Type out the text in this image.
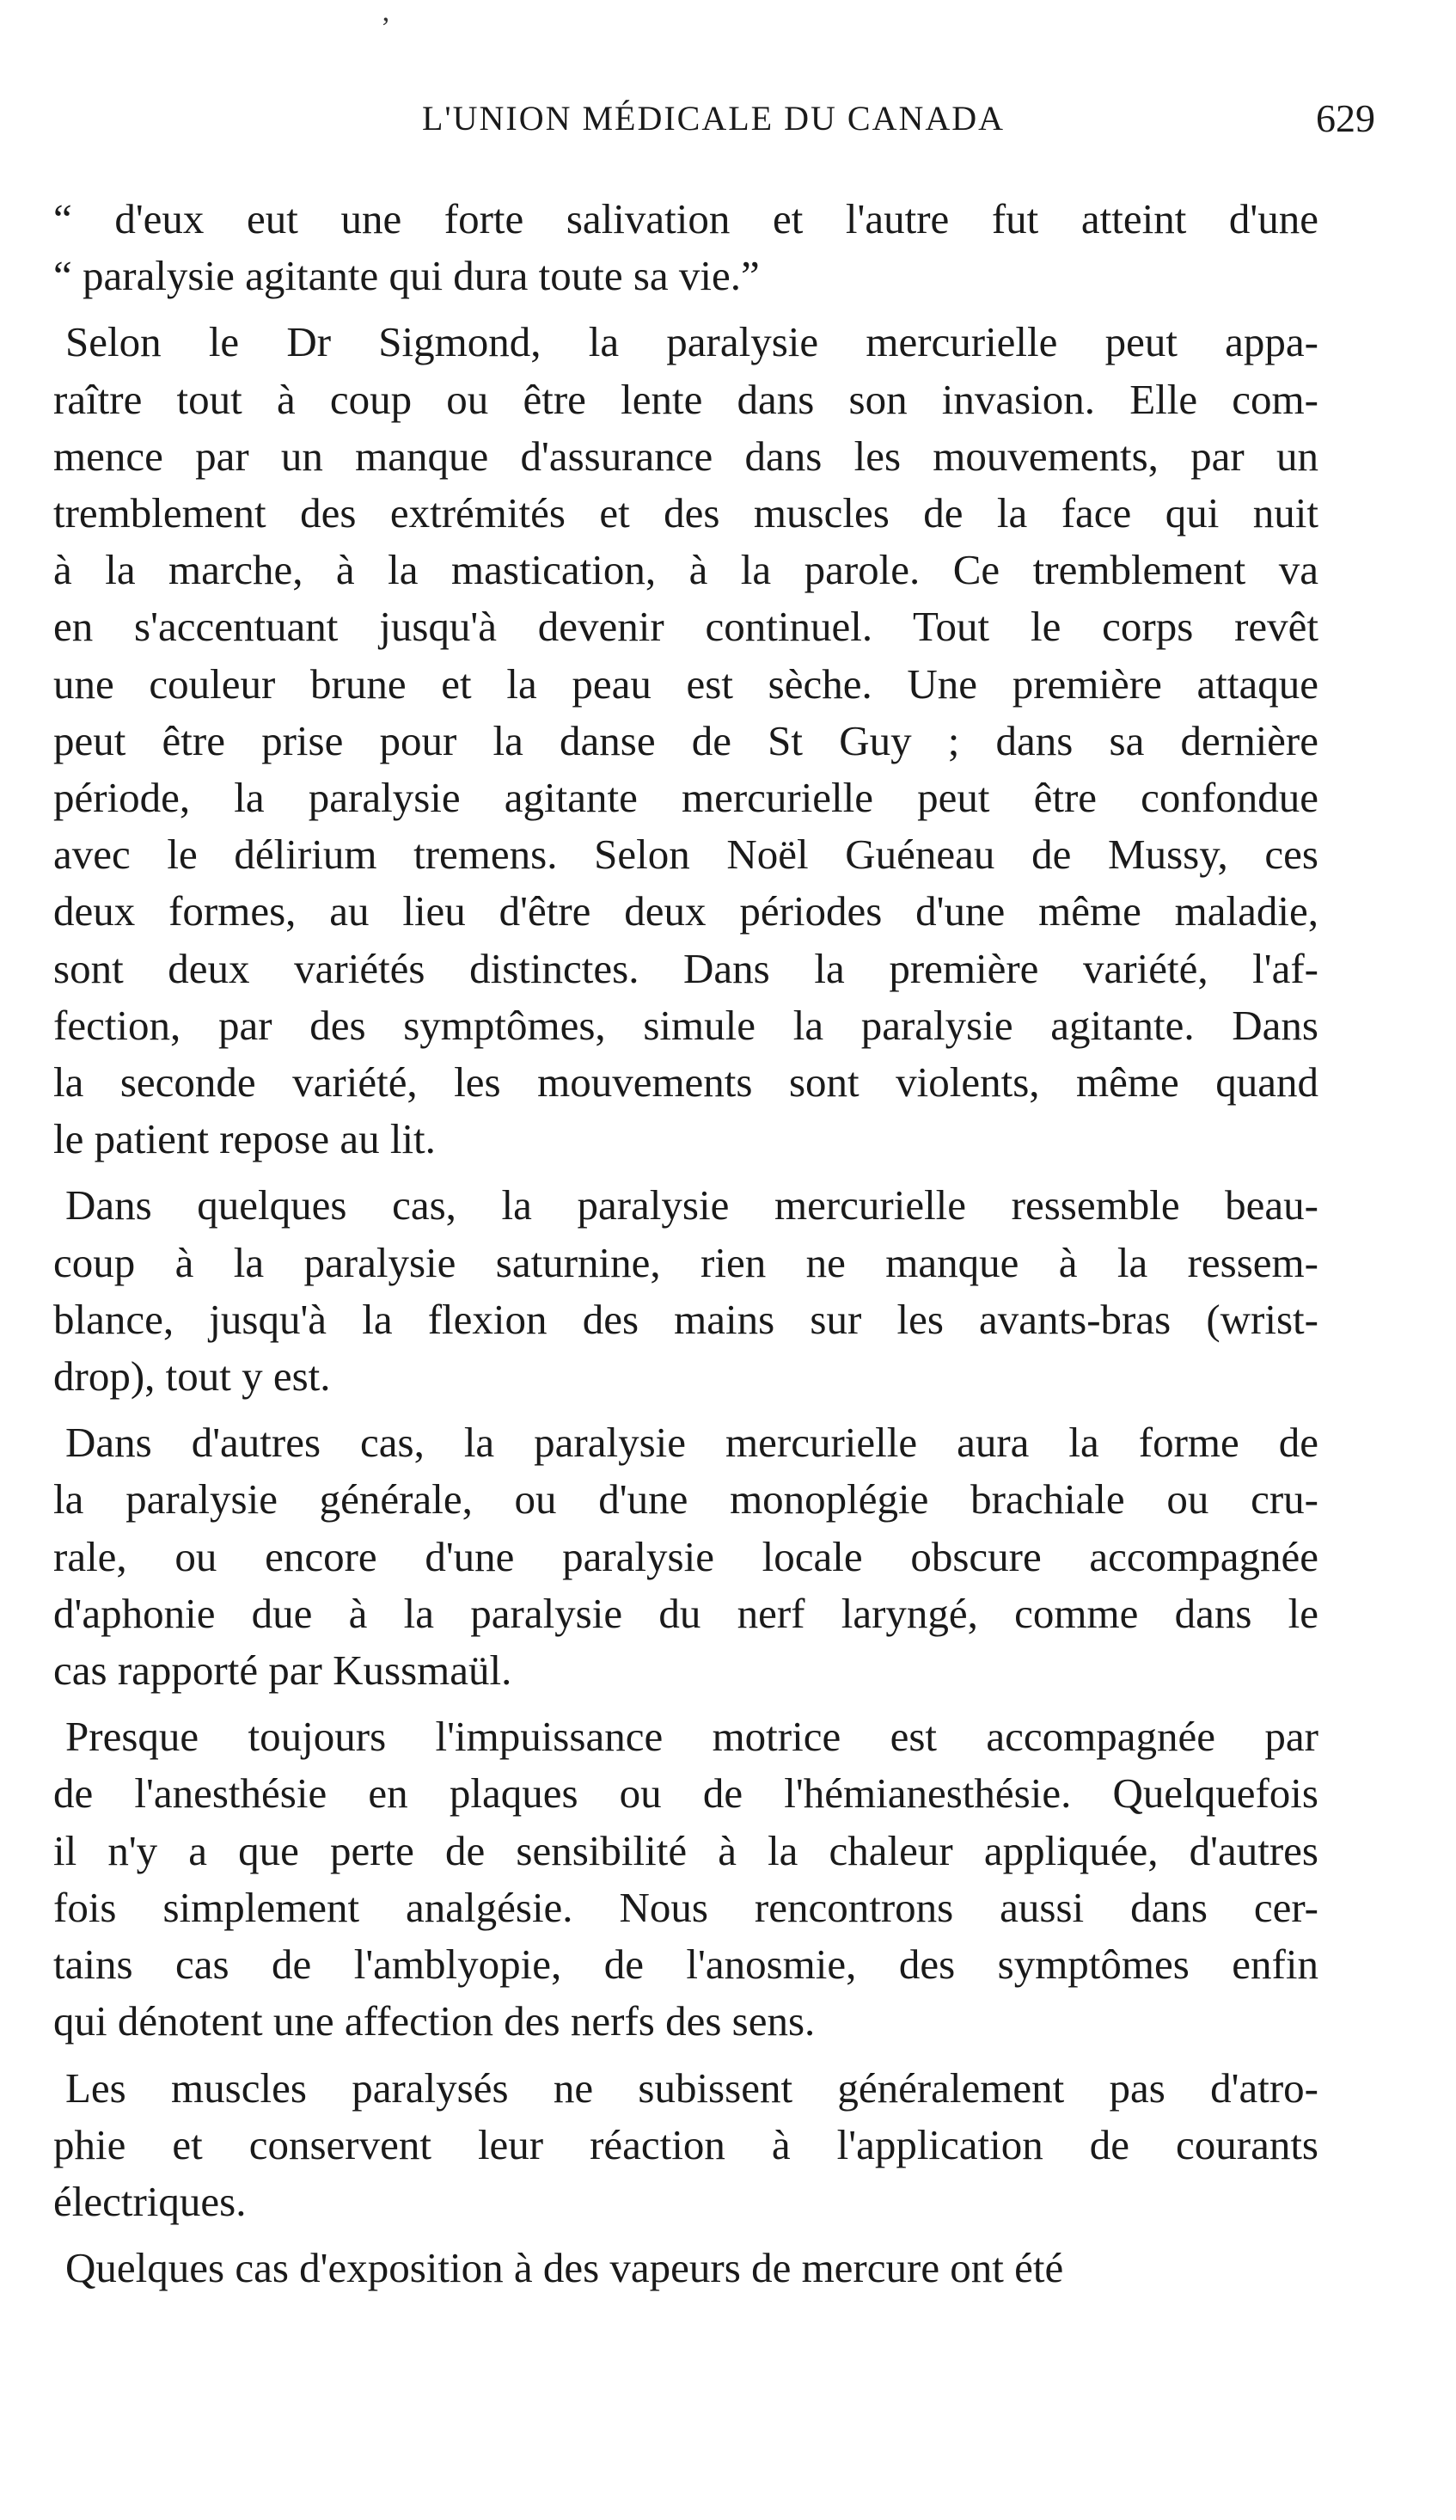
ʼ
L'UNION MÉDICALE DU CANADA	629

“ d'eux eut une forte salivation et l'autre fut atteint d'une
“ paralysie agitante qui dura toute sa vie.”

Selon le Dr Sigmond, la paralysie mercurielle peut appa-
raître tout à coup ou être lente dans son invasion. Elle com-
mence par un manque d'assurance dans les mouvements, par un
tremblement des extrémités et des muscles de la face qui nuit
à la marche, à la mastication, à la parole. Ce tremblement va
en s'accentuant jusqu'à devenir continuel. Tout le corps revêt
une couleur brune et la peau est sèche. Une première attaque
peut être prise pour la danse de St Guy ; dans sa dernière
période, la paralysie agitante mercurielle peut être confondue
avec le délirium tremens. Selon Noël Guéneau de Mussy, ces
deux formes, au lieu d'être deux périodes d'une même maladie,
sont deux variétés distinctes. Dans la première variété, l'af-
fection, par des symptômes, simule la paralysie agitante. Dans
la seconde variété, les mouvements sont violents, même quand
le patient repose au lit.

Dans quelques cas, la paralysie mercurielle ressemble beau-
coup à la paralysie saturnine, rien ne manque à la ressem-
blance, jusqu'à la flexion des mains sur les avants-bras (wrist-
drop), tout y est.

Dans d'autres cas, la paralysie mercurielle aura la forme de
la paralysie générale, ou d'une monoplégie brachiale ou cru-
rale, ou encore d'une paralysie locale obscure accompagnée
d'aphonie due à la paralysie du nerf laryngé, comme dans le
cas rapporté par Kussmaül.

Presque toujours l'impuissance motrice est accompagnée par
de l'anesthésie en plaques ou de l'hémianesthésie. Quelquefois
il n'y a que perte de sensibilité à la chaleur appliquée, d'autres
fois simplement analgésie. Nous rencontrons aussi dans cer-
tains cas de l'amblyopie, de l'anosmie, des symptômes enfin
qui dénotent une affection des nerfs des sens.

Les muscles paralysés ne subissent généralement pas d'atro-
phie et conservent leur réaction à l'application de courants
électriques.

Quelques cas d'exposition à des vapeurs de mercure ont été
